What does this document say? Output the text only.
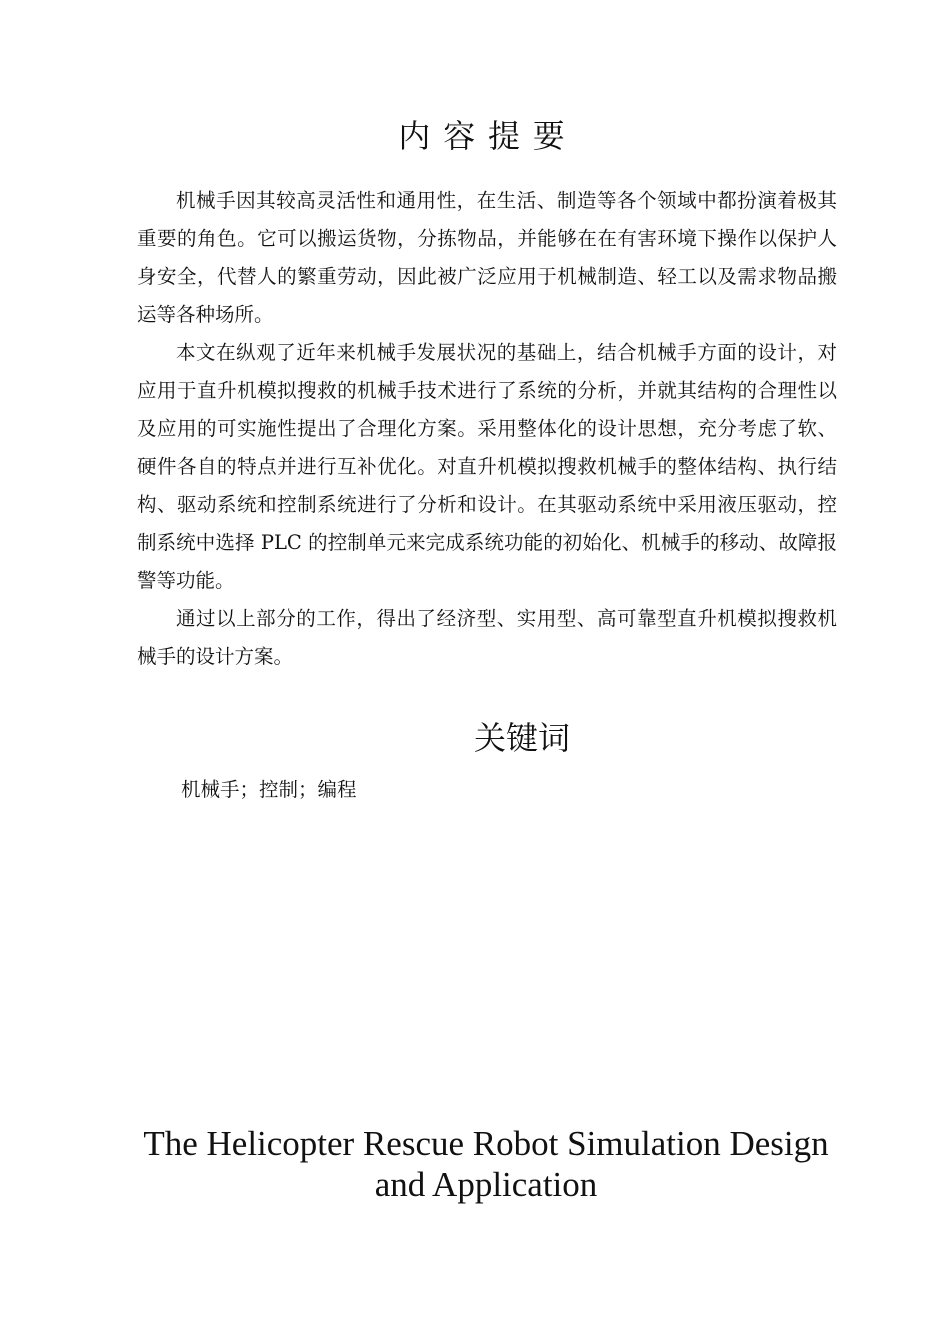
内容提要

机械手因其较高灵活性和通用性，在生活、制造等各个领域中都扮演着极其重要的角色。它可以搬运货物，分拣物品，并能够在在有害环境下操作以保护人身安全，代替人的繁重劳动，因此被广泛应用于机械制造、轻工以及需求物品搬运等各种场所。

本文在纵观了近年来机械手发展状况的基础上，结合机械手方面的设计，对应用于直升机模拟搜救的机械手技术进行了系统的分析，并就其结构的合理性以及应用的可实施性提出了合理化方案。采用整体化的设计思想，充分考虑了软、硬件各自的特点并进行互补优化。对直升机模拟搜救机械手的整体结构、执行结构、驱动系统和控制系统进行了分析和设计。在其驱动系统中采用液压驱动，控制系统中选择 PLC 的控制单元来完成系统功能的初始化、机械手的移动、故障报警等功能。

通过以上部分的工作，得出了经济型、实用型、高可靠型直升机模拟搜救机械手的设计方案。

关键词

机械手；控制；编程

The Helicopter Rescue Robot Simulation Design and Application
